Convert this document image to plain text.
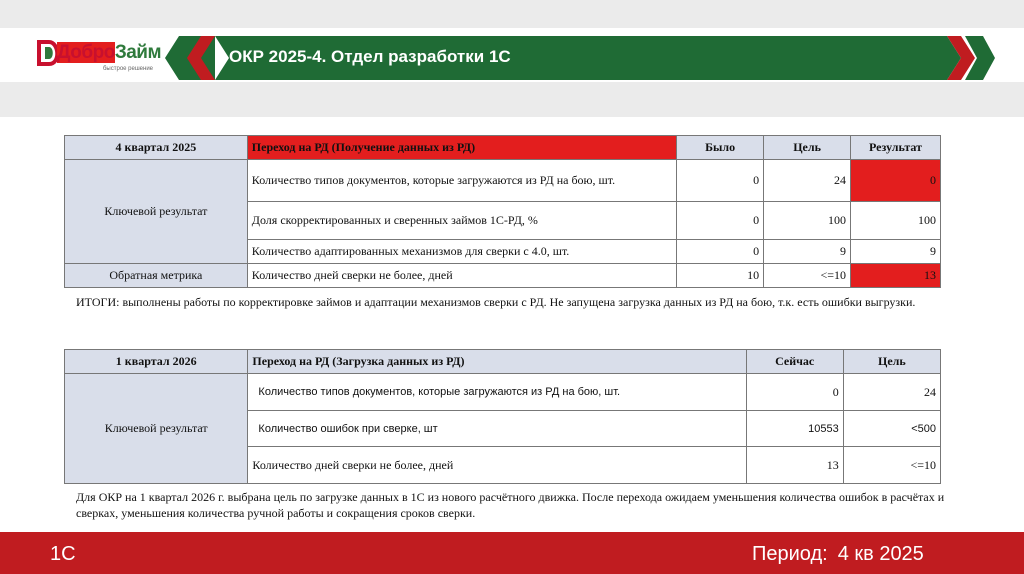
ДоброЗайм
быстрое решение
ОКР 2025-4. Отдел разработки 1С
4 квартал 2025	Переход на РД (Получение данных из РД)	Было	Цель	Результат
Ключевой результат	Количество типов документов, которые загружаются из РД на бою, шт.	0	24	0
	Доля скорректированных и сверенных займов 1С-РД, %	0	100	100
	Количество адаптированных механизмов для сверки с 4.0, шт.	0	9	9
Обратная метрика	Количество дней сверки не более, дней	10	<=10	13
ИТОГИ: выполнены работы по корректировке займов и адаптации механизмов сверки с РД. Не запущена загрузка данных из РД на бою, т.к. есть ошибки выгрузки.
1 квартал 2026	Переход на РД (Загрузка данных из РД)	Сейчас	Цель
Ключевой результат	Количество типов документов, которые загружаются из РД на бою, шт.	0	24
	Количество ошибок при сверке, шт	10553	<500
	Количество дней сверки не более, дней	13	<=10
Для ОКР на 1 квартал 2026 г. выбрана цель по загрузке данных в 1С из нового расчётного движка. После перехода ожидаем уменьшения количества ошибок в расчётах и сверках, уменьшения количества ручной работы и сокращения сроков сверки.
1С	Период: 4 кв 2025
